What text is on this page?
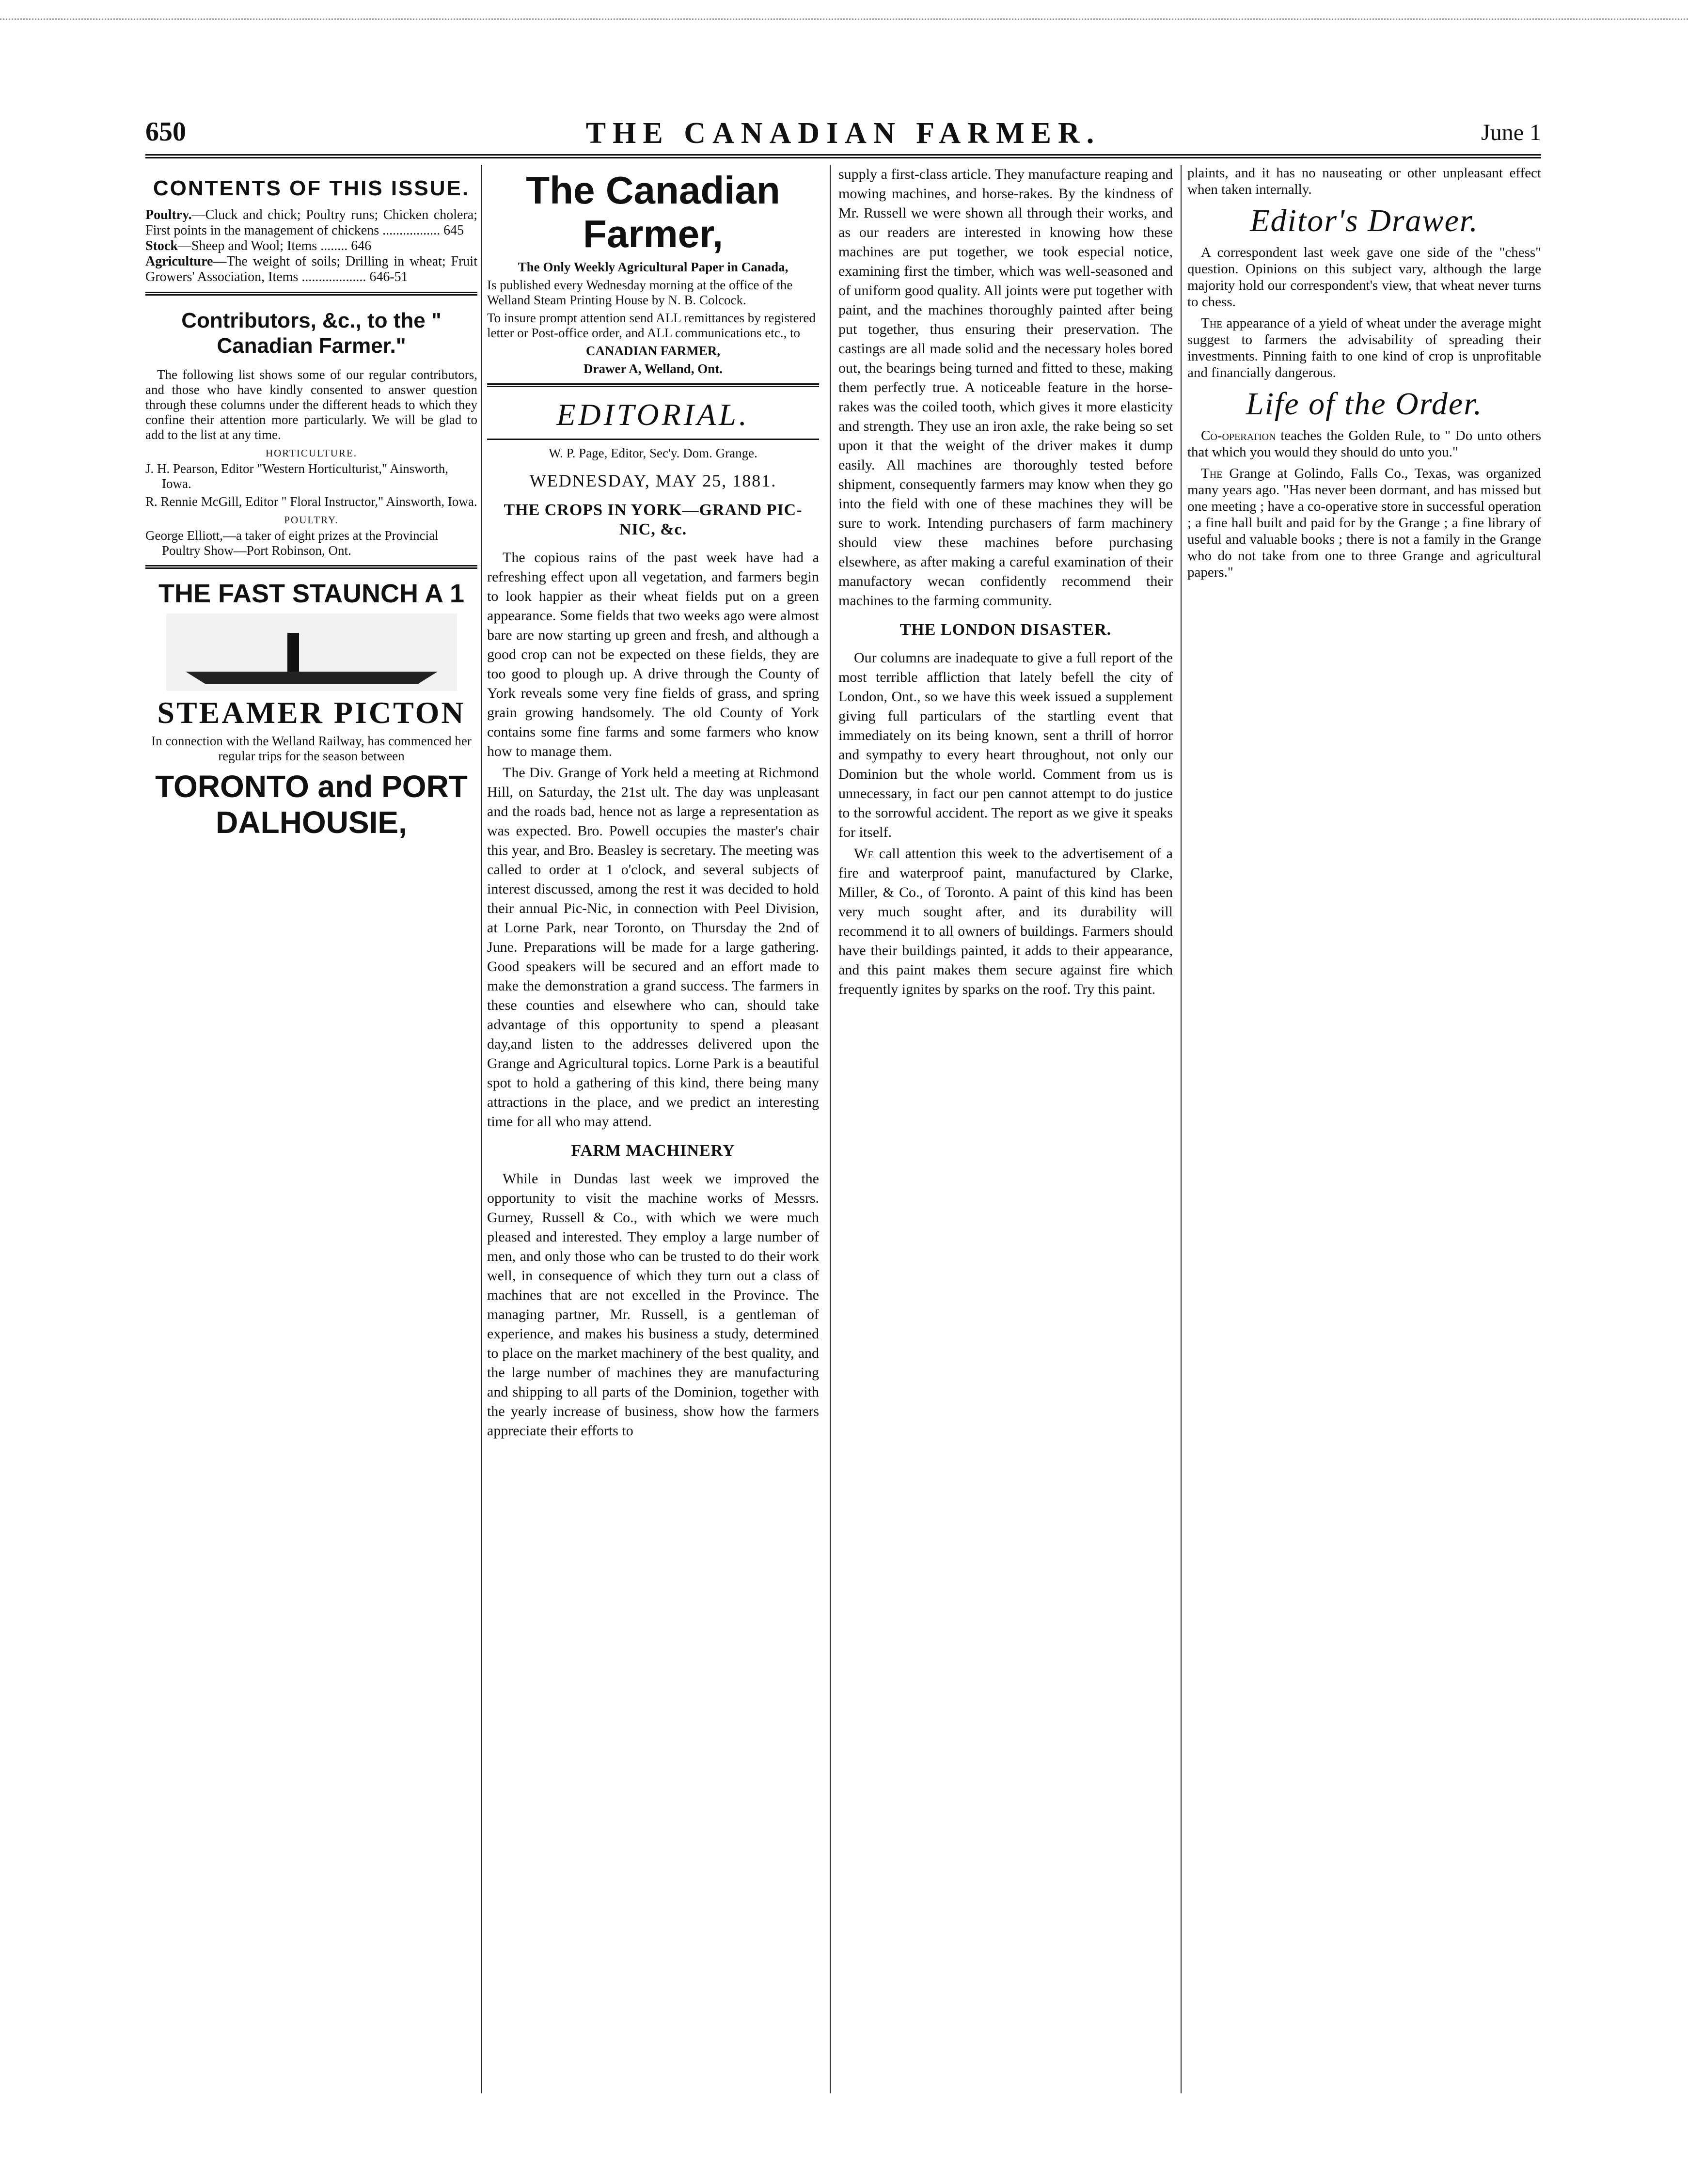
650	THE CANADIAN FARMER.	June 1
CONTENTS OF THIS ISSUE.

Poultry.—Cluck and chick; Poultry runs; Chicken cholera; First points in the management of chickens ................. 645

Stock—Sheep and Wool; Items ........ 646

Agriculture—The weight of soils; Drilling in wheat; Fruit Growers' Association, Items ................... 646-51

Contributors, &c., to the " Canadian Farmer."

The following list shows some of our regular contributors, and those who have kindly consented to answer question through these columns under the different heads to which they confine their attention more particularly. We will be glad to add to the list at any time.

HORTICULTURE.

J. H. Pearson, Editor "Western Horticulturist," Ainsworth, Iowa.

R. Rennie McGill, Editor " Floral Instructor," Ainsworth, Iowa.

POULTRY.

George Elliott,—a taker of eight prizes at the Provincial Poultry Show—Port Robinson, Ont.

THE FAST STAUNCH A 1
STEAMER PICTON

In connection with the Welland Railway, has commenced her regular trips for the season between

TORONTO and PORT DALHOUSIE,
The Canadian Farmer,

The Only Weekly Agricultural Paper in Canada,

Is published every Wednesday morning at the office of the Welland Steam Printing House by N. B. Colcock.

To insure prompt attention send ALL remittances by registered letter or Post-office order, and ALL communications etc., to

CANADIAN FARMER,

Drawer A, Welland, Ont.

EDITORIAL.

W. P. Page, Editor, Sec'y. Dom. Grange.

WEDNESDAY, MAY 25, 1881.
THE CROPS IN YORK—GRAND PIC-NIC, &c.

The copious rains of the past week have had a refreshing effect upon all vegetation, and farmers begin to look happier as their wheat fields put on a green appearance. Some fields that two weeks ago were almost bare are now starting up green and fresh, and although a good crop can not be expected on these fields, they are too good to plough up. A drive through the County of York reveals some very fine fields of grass, and spring grain growing handsomely. The old County of York contains some fine farms and some farmers who know how to manage them.

The Div. Grange of York held a meeting at Richmond Hill, on Saturday, the 21st ult. The day was unpleasant and the roads bad, hence not as large a representation as was expected. Bro. Powell occupies the master's chair this year, and Bro. Beasley is secretary. The meeting was called to order at 1 o'clock, and several subjects of interest discussed, among the rest it was decided to hold their annual Pic-Nic, in connection with Peel Division, at Lorne Park, near Toronto, on Thursday the 2nd of June. Preparations will be made for a large gathering. Good speakers will be secured and an effort made to make the demonstration a grand success. The farmers in these counties and elsewhere who can, should take advantage of this opportunity to spend a pleasant day,and listen to the addresses delivered upon the Grange and Agricultural topics. Lorne Park is a beautiful spot to hold a gathering of this kind, there being many attractions in the place, and we predict an interesting time for all who may attend.

FARM MACHINERY

While in Dundas last week we improved the opportunity to visit the machine works of Messrs. Gurney, Russell & Co., with which we were much pleased and interested. They employ a large number of men, and only those who can be trusted to do their work well, in consequence of which they turn out a class of machines that are not excelled in the Province. The managing partner, Mr. Russell, is a gentleman of experience, and makes his business a study, determined to place on the market machinery of the best quality, and the large number of machines they are manufacturing and shipping to all parts of the Dominion, together with the yearly increase of business, show how the farmers appreciate their efforts to

supply a first-class article. They manufacture reaping and mowing machines, and horse-rakes. By the kindness of Mr. Russell we were shown all through their works, and as our readers are interested in knowing how these machines are put together, we took especial notice, examining first the timber, which was well-seasoned and of uniform good quality. All joints were put together with paint, and the machines thoroughly painted after being put together, thus ensuring their preservation. The castings are all made solid and the necessary holes bored out, the bearings being turned and fitted to these, making them perfectly true. A noticeable feature in the horse-rakes was the coiled tooth, which gives it more elasticity and strength. They use an iron axle, the rake being so set upon it that the weight of the driver makes it dump easily. All machines are thoroughly tested before shipment, consequently farmers may know when they go into the field with one of these machines they will be sure to work. Intending purchasers of farm machinery should view these machines before purchasing elsewhere, as after making a careful examination of their manufactory wecan confidently recommend their machines to the farming community.

THE LONDON DISASTER.

Our columns are inadequate to give a full report of the most terrible affliction that lately befell the city of London, Ont., so we have this week issued a supplement giving full particulars of the startling event that immediately on its being known, sent a thrill of horror and sympathy to every heart throughout, not only our Dominion but the whole world. Comment from us is unnecessary, in fact our pen cannot attempt to do justice to the sorrowful accident. The report as we give it speaks for itself.

We call attention this week to the advertisement of a fire and waterproof paint, manufactured by Clarke, Miller, & Co., of Toronto. A paint of this kind has been very much sought after, and its durability will recommend it to all owners of buildings. Farmers should have their buildings painted, it adds to their appearance, and this paint makes them secure against fire which frequently ignites by sparks on the roof. Try this paint.

plaints, and it has no nauseating or other unpleasant effect when taken internally.

Editor's Drawer.

A correspondent last week gave one side of the "chess" question. Opinions on this subject vary, although the large majority hold our correspondent's view, that wheat never turns to chess.

The appearance of a yield of wheat under the average might suggest to farmers the advisability of spreading their investments. Pinning faith to one kind of crop is unprofitable and financially dangerous.

Life of the Order.

Co-operation teaches the Golden Rule, to " Do unto others that which you would they should do unto you."

The Grange at Golindo, Falls Co., Texas, was organized many years ago. "Has never been dormant, and has missed but one meeting ; have a co-operative store in successful operation ; a fine hall built and paid for by the Grange ; a fine library of useful and valuable books ; there is not a family in the Grange who do not take from one to three Grange and agricultural papers."
